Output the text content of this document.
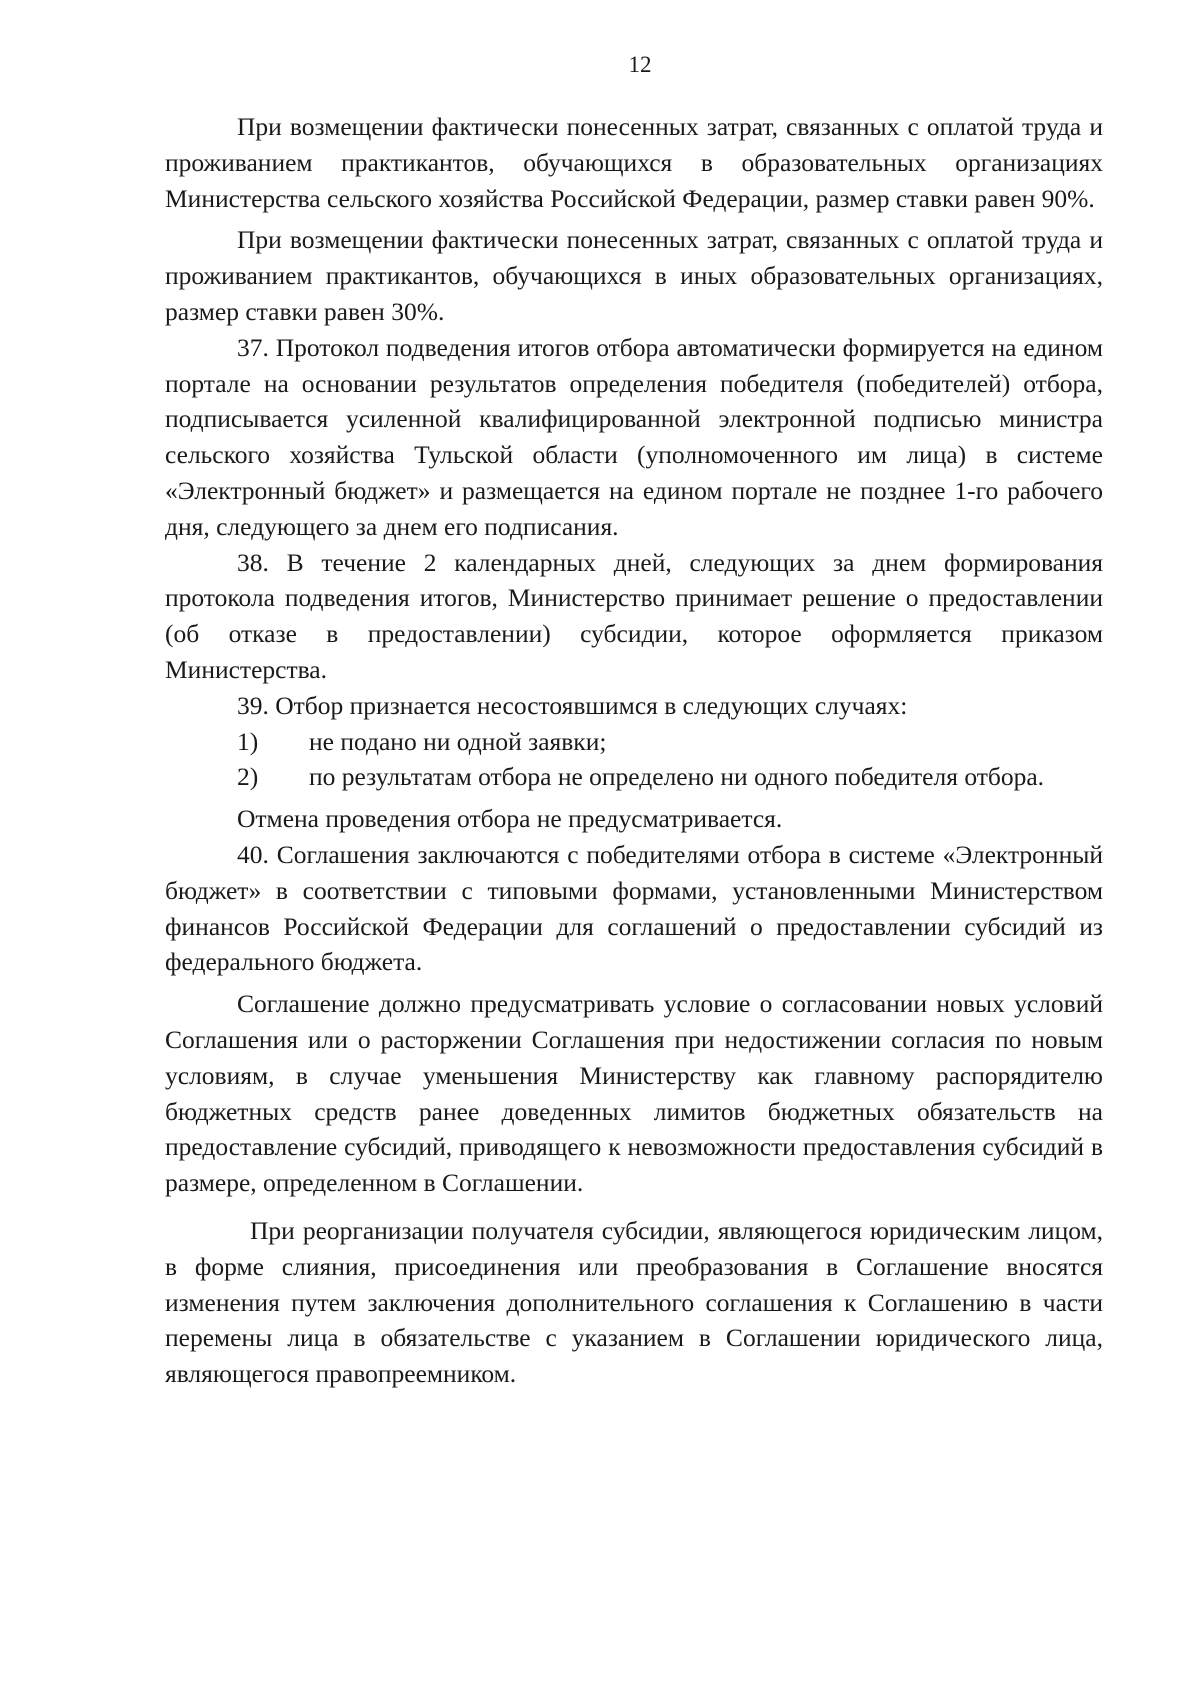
12

При возмещении фактически понесенных затрат, связанных с оплатой труда и проживанием практикантов, обучающихся в образовательных организациях Министерства сельского хозяйства Российской Федерации, размер ставки равен 90%.

При возмещении фактически понесенных затрат, связанных с оплатой труда и проживанием практикантов, обучающихся в иных образовательных организациях, размер ставки равен 30%.

37. Протокол подведения итогов отбора автоматически формируется на едином портале на основании результатов определения победителя (победителей) отбора, подписывается усиленной квалифицированной электронной подписью министра сельского хозяйства Тульской области (уполномоченного им лица) в системе «Электронный бюджет» и размещается на едином портале не позднее 1-го рабочего дня, следующего за днем его подписания.

38. В течение 2 календарных дней, следующих за днем формирования протокола подведения итогов, Министерство принимает решение о предоставлении (об отказе в предоставлении) субсидии, которое оформляется приказом Министерства.

39. Отбор признается несостоявшимся в следующих случаях:

1) не подано ни одной заявки;

2) по результатам отбора не определено ни одного победителя отбора.

Отмена проведения отбора не предусматривается.

40. Соглашения заключаются с победителями отбора в системе «Электронный бюджет» в соответствии с типовыми формами, установленными Министерством финансов Российской Федерации для соглашений о предоставлении субсидий из федерального бюджета.

Соглашение должно предусматривать условие о согласовании новых условий Соглашения или о расторжении Соглашения при недостижении согласия по новым условиям, в случае уменьшения Министерству как главному распорядителю бюджетных средств ранее доведенных лимитов бюджетных обязательств на предоставление субсидий, приводящего к невозможности предоставления субсидий в размере, определенном в Соглашении.

При реорганизации получателя субсидии, являющегося юридическим лицом, в форме слияния, присоединения или преобразования в Соглашение вносятся изменения путем заключения дополнительного соглашения к Соглашению в части перемены лица в обязательстве с указанием в Соглашении юридического лица, являющегося правопреемником.
